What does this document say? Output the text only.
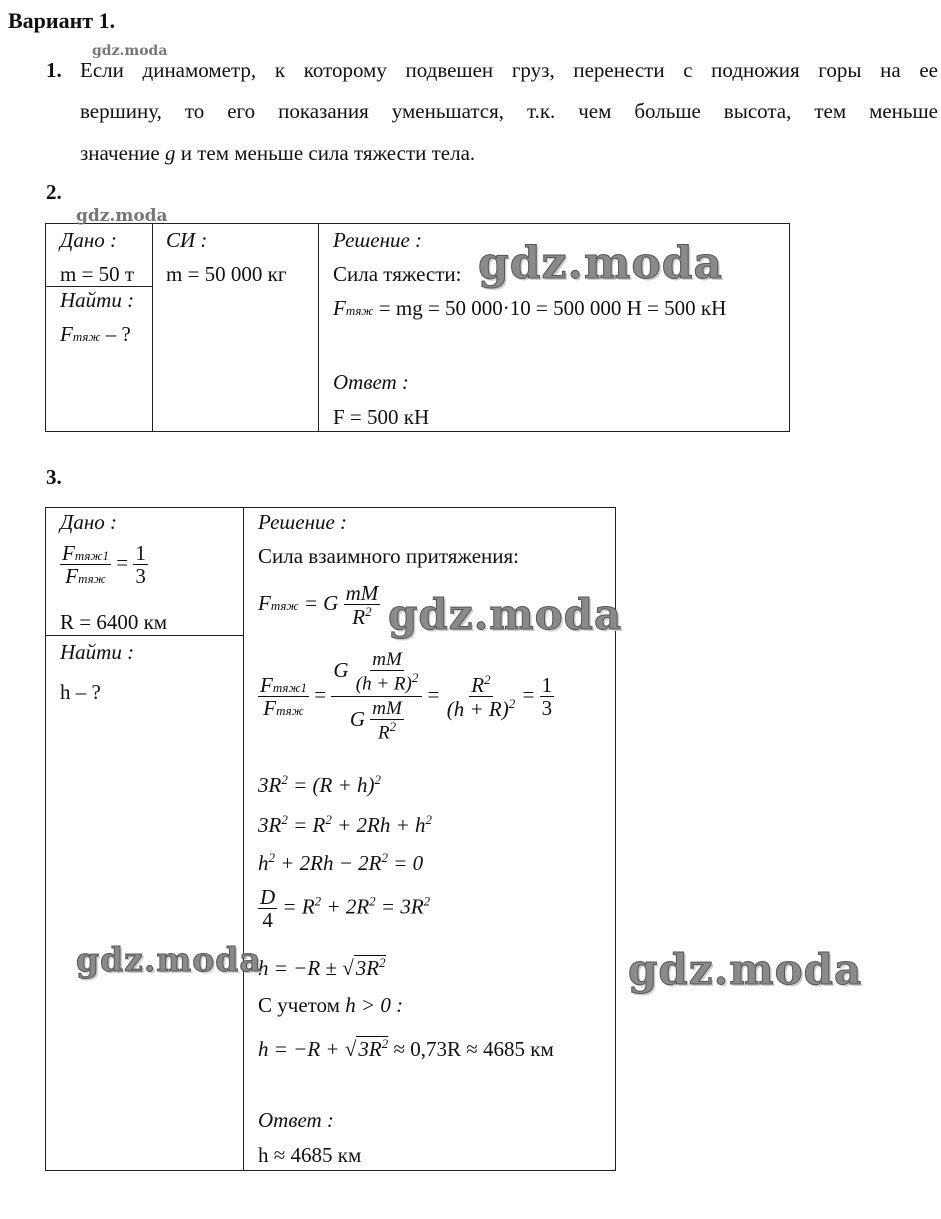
Вариант 1.
gdz.moda
1. Если динамометр, к которому подвешен груз, перенести с подножия горы на ее
вершину, то его показания уменьшатся, т.к. чем больше высота, тем меньше
значение g и тем меньше сила тяжести тела.
2.
gdz.moda
Дано :
m = 50 т
Найти :
Fтяж – ?
СИ :
m = 50 000 кг
Решение :
Сила тяжести:
Fтяж = mg = 50 000·10 = 500 000 Н = 500 кН
Ответ :
F = 500 кН
gdz.moda
3.
Дано :
$\frac{\text{Fтяж1}}{\text{Fтяж}} = \frac{1}{3}$
R = 6400 км
Найти :
h – ?
Решение :
Сила взаимного притяжения:
Fтяж = G $\frac{mM}{R^2}$
$\frac{\text{Fтяж1}}{\text{Fтяж}} = \frac{G \frac{mM}{(h + R)^2}}{G \frac{mM}{R^2}} = \frac{R^2}{(h + R)^2} = \frac{1}{3}$
$3R^2 = (R + h)^2$
$3R^2 = R^2 + 2Rh + h^2$
$h^2 + 2Rh - 2R^2 = 0$
$\frac{D}{4} = R^2 + 2R^2 = 3R^2$
$h = -R \pm √3R^2$
С учетом h > 0 :
$h = -R + √3R^2 \approx 0,73R \approx 4685$ км
Ответ :
h ≈ 4685 км
gdz.moda
gdz.moda	gdz.moda
